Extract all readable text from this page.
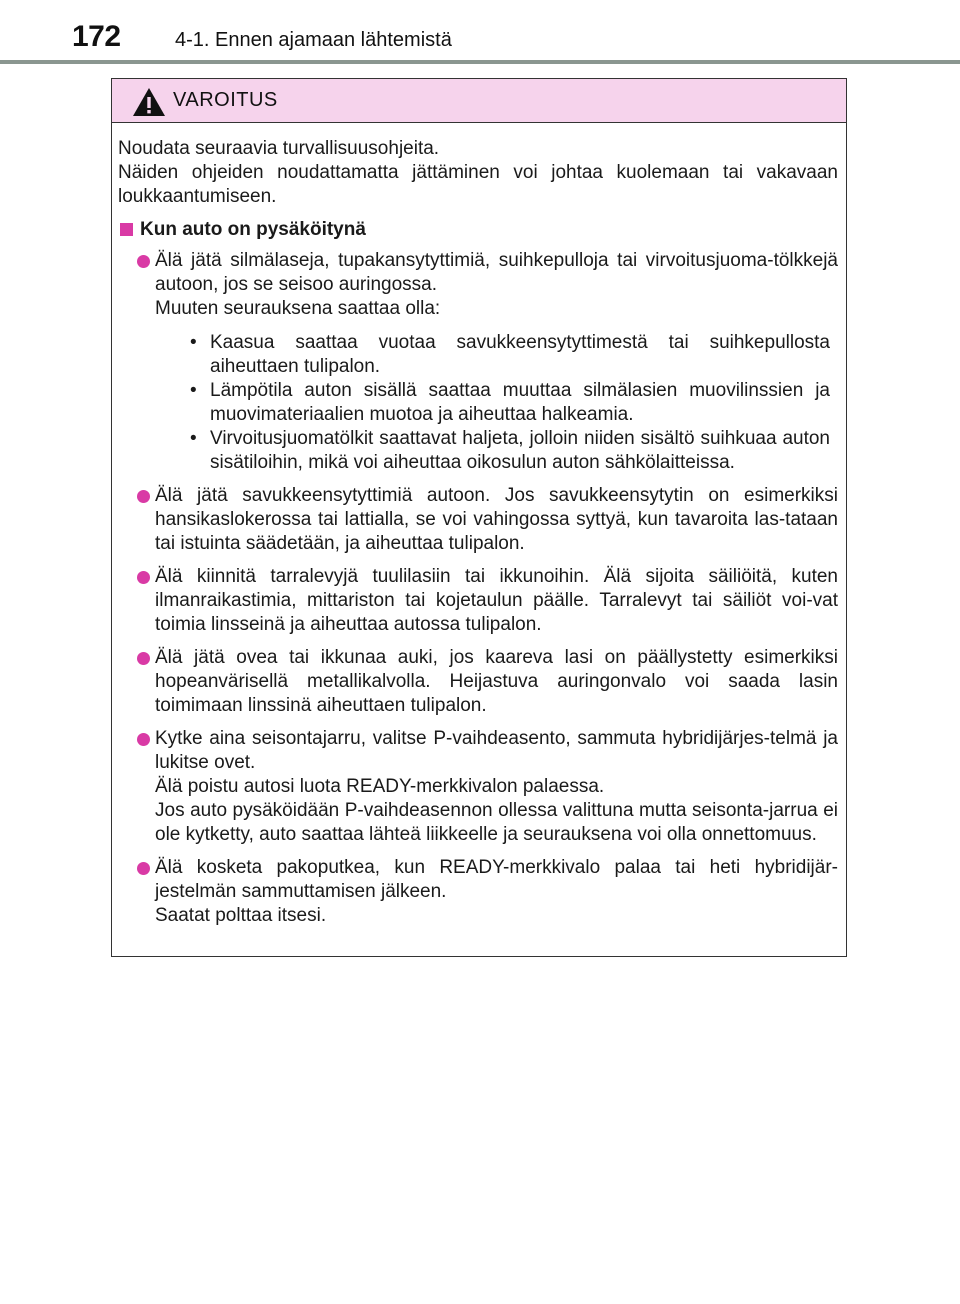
172	4-1. Ennen ajamaan lähtemistä
VAROITUS
Noudata seuraavia turvallisuusohjeita.
Näiden ohjeiden noudattamatta jättäminen voi johtaa kuolemaan tai vakavaan loukkaantumiseen.
Kun auto on pysäköitynä
Älä jätä silmälaseja, tupakansytyttimiä, suihkepulloja tai virvoitusjuoma-tölkkejä autoon, jos se seisoo auringossa.
Muuten seurauksena saattaa olla:
• Kaasua saattaa vuotaa savukkeensytyttimestä tai suihkepullosta aiheuttaen tulipalon.
• Lämpötila auton sisällä saattaa muuttaa silmälasien muovilinssien ja muovimateriaalien muotoa ja aiheuttaa halkeamia.
• Virvoitusjuomatölkit saattavat haljeta, jolloin niiden sisältö suihkuaa auton sisätiloihin, mikä voi aiheuttaa oikosulun auton sähkölaitteissa.
Älä jätä savukkeensytyttimiä autoon. Jos savukkeensytytin on esimerkiksi hansikaslokerossa tai lattialla, se voi vahingossa syttyä, kun tavaroita las-tataan tai istuinta säädetään, ja aiheuttaa tulipalon.
Älä kiinnitä tarralevyjä tuulilasiin tai ikkunoihin. Älä sijoita säiliöitä, kuten ilmanraikastimia, mittariston tai kojetaulun päälle. Tarralevyt tai säiliöt voi-vat toimia linsseinä ja aiheuttaa autossa tulipalon.
Älä jätä ovea tai ikkunaa auki, jos kaareva lasi on päällystetty esimerkiksi hopeanvärisellä metallikalvolla. Heijastuva auringonvalo voi saada lasin toimimaan linssinä aiheuttaen tulipalon.
Kytke aina seisontajarru, valitse P-vaihdeasento, sammuta hybridijärjes-telmä ja lukitse ovet.
Älä poistu autosi luota READY-merkkivalon palaessa.
Jos auto pysäköidään P-vaihdeasennon ollessa valittuna mutta seisonta-jarrua ei ole kytketty, auto saattaa lähteä liikkeelle ja seurauksena voi olla onnettomuus.
Älä kosketa pakoputkea, kun READY-merkkivalo palaa tai heti hybridijär-jestelmän sammuttamisen jälkeen.
Saatat polttaa itsesi.
